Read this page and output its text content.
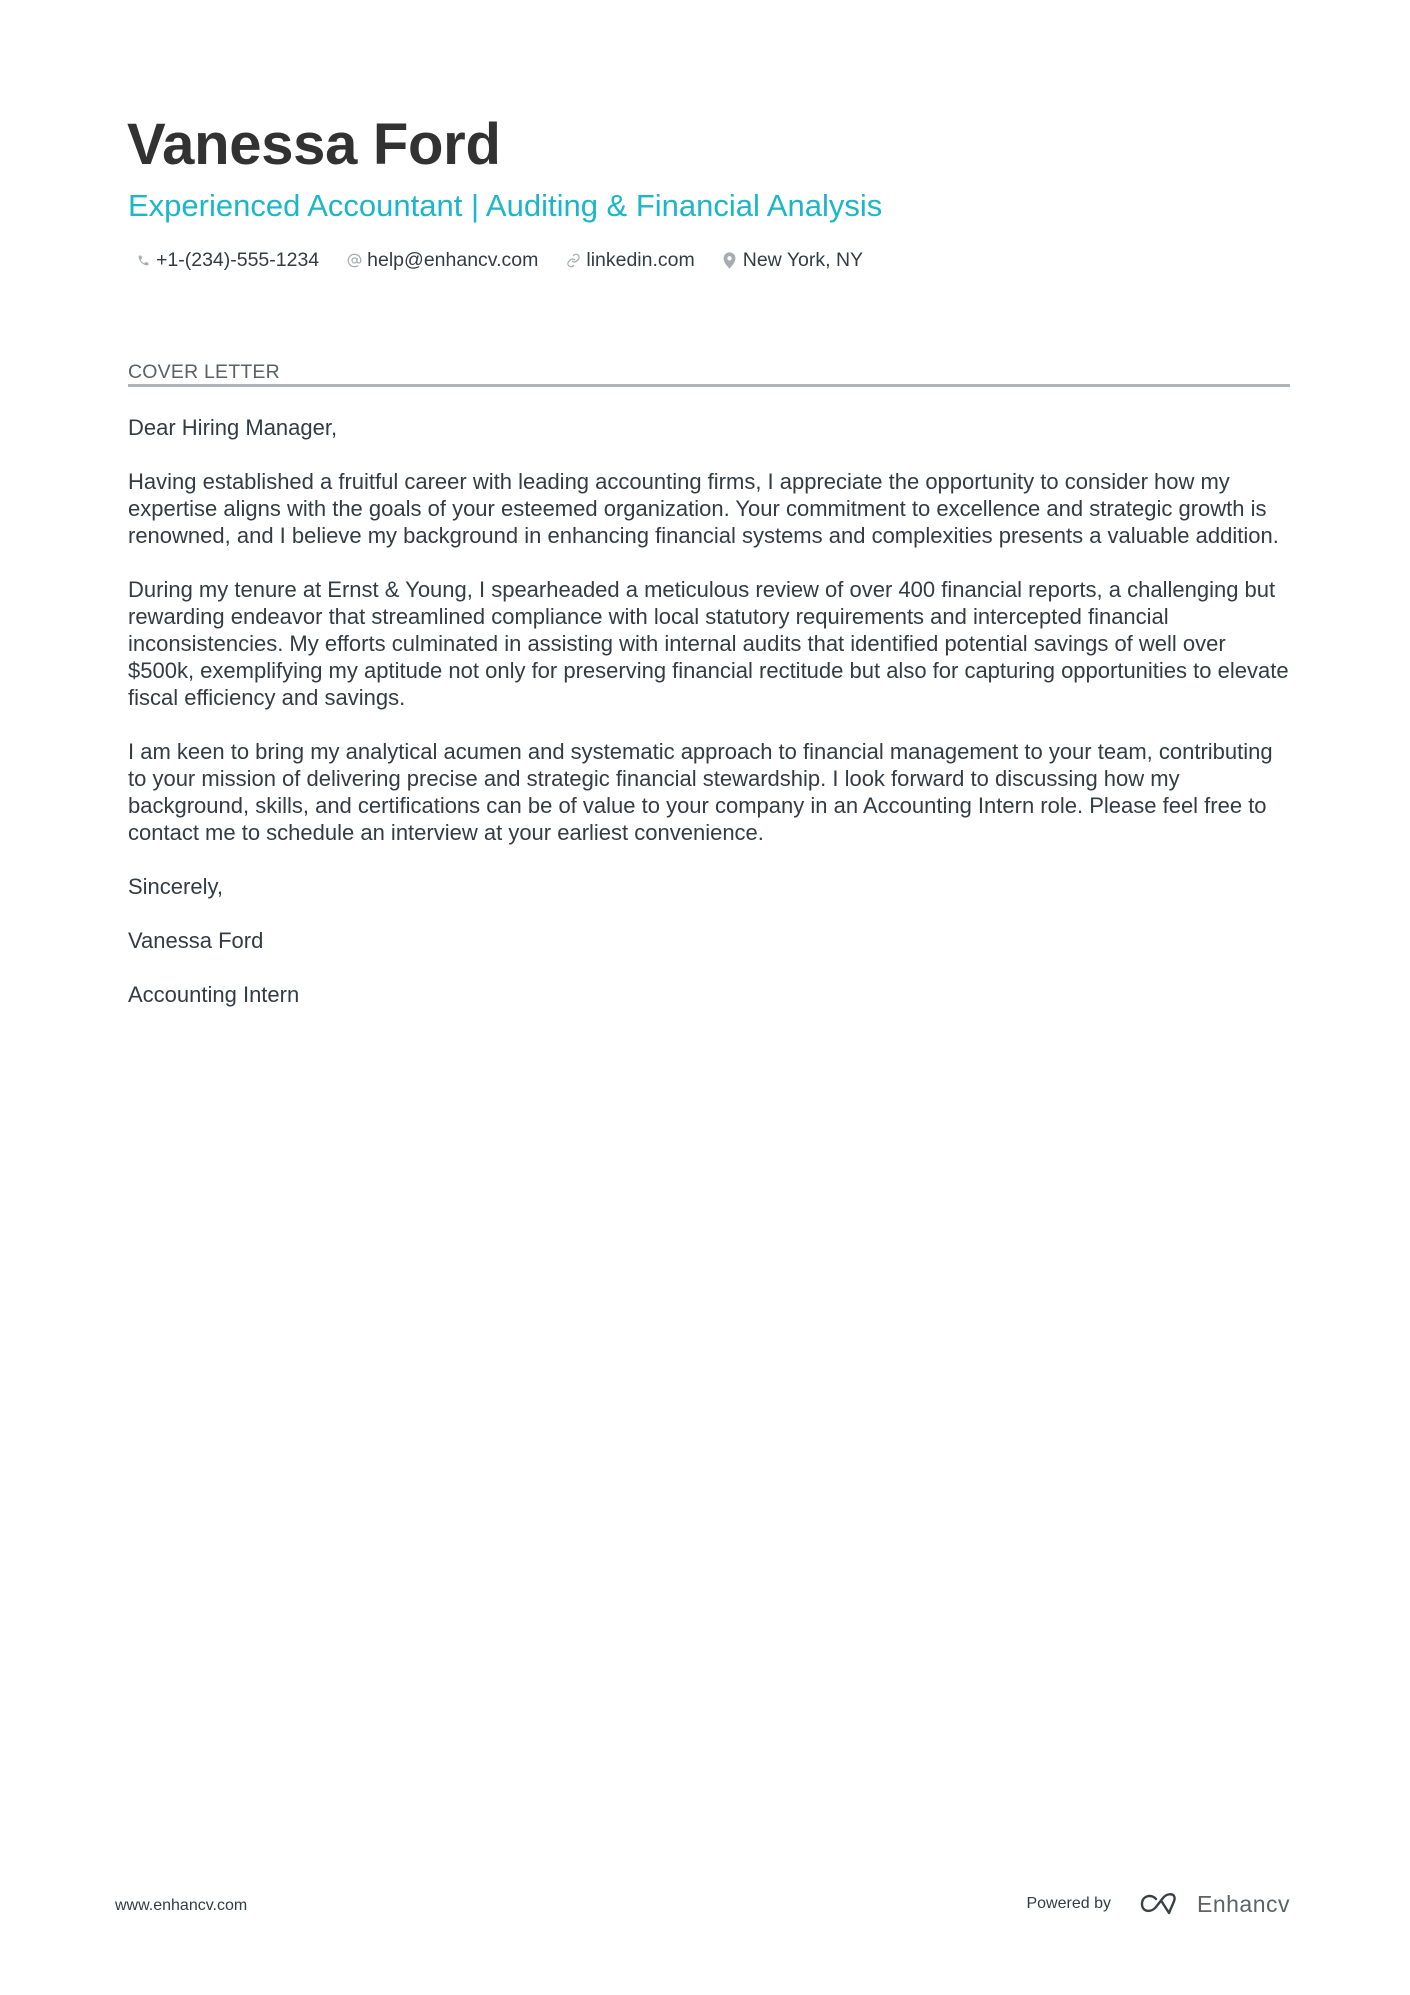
Vanessa Ford
Experienced Accountant | Auditing & Financial Analysis
+1-(234)-555-1234 help@enhancv.com linkedin.com New York, NY
COVER LETTER

Dear Hiring Manager,

Having established a fruitful career with leading accounting firms, I appreciate the opportunity to consider how my expertise aligns with the goals of your esteemed organization. Your commitment to excellence and strategic growth is renowned, and I believe my background in enhancing financial systems and complexities presents a valuable addition.

During my tenure at Ernst & Young, I spearheaded a meticulous review of over 400 financial reports, a challenging but rewarding endeavor that streamlined compliance with local statutory requirements and intercepted financial inconsistencies. My efforts culminated in assisting with internal audits that identified potential savings of well over $500k, exemplifying my aptitude not only for preserving financial rectitude but also for capturing opportunities to elevate fiscal efficiency and savings.

I am keen to bring my analytical acumen and systematic approach to financial management to your team, contributing to your mission of delivering precise and strategic financial stewardship. I look forward to discussing how my background, skills, and certifications can be of value to your company in an Accounting Intern role. Please feel free to contact me to schedule an interview at your earliest convenience.

Sincerely,

Vanessa Ford

Accounting Intern

www.enhancv.com	Powered by	Enhancv
